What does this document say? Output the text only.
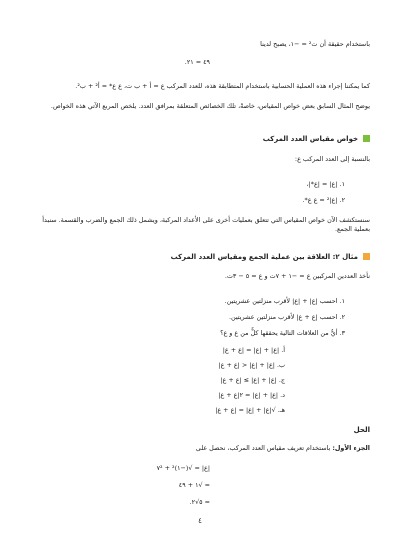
باستخدام حقيقة أن ت² = −١، يصبح لدينا
٤٩ = ٢١.
كما يمكننا إجراء هذه العملية الحسابية باستخدام المتطابقة هذه، للعدد المركب ع = أ + ب ت، ع ع* = أ² + ب².
يوضح المثال السابق بعض خواص المقياس، خاصةً، تلك الخصائص المتعلقة بمرافق العدد. يلخص المربع الآتي هذه الخواص.
خواص مقياس العدد المركب
بالنسبة إلى العدد المركب ع:
١. |ع| = |ع*|،
٢. |ع|² = ع ع*.
سنستكشف الآن خواص المقياس التي تتعلق بعمليات أخرى على الأعداد المركبة، ويشمل ذلك الجمع والضرب والقسمة. سنبدأ بعملية الجمع.
مثال ٢: العلاقة بين عملية الجمع ومقياس العدد المركب
نأخذ العددين المركبين ع = −١ + ٧ت و ع = ٥ − ٣ت.
١. احسب |ع| + |ع| لأقرب منزلتين عشريتين.
٢. احسب |ع + ع| لأقرب منزلتين عشريتين.
٣. أيٌّ من العلاقات التالية يحققها كلٌّ من ع و ع؟
أ. |ع| + |ع| = |ع + ع|
ب. |ع| + |ع| < |ع + ع|
ج. |ع| + |ع| ≥ |ع + ع|
د. |ع| + |ع| = ٢|ع + ع|
هـ. √|ع| + |ع| = |ع + ع|
الحل
الجزء الأول: باستخدام تعريف مقياس العدد المركب، نحصل على
|ع| = √(−١)² + ٧²
= √١ + ٤٩
= ٥√٢.
٤
